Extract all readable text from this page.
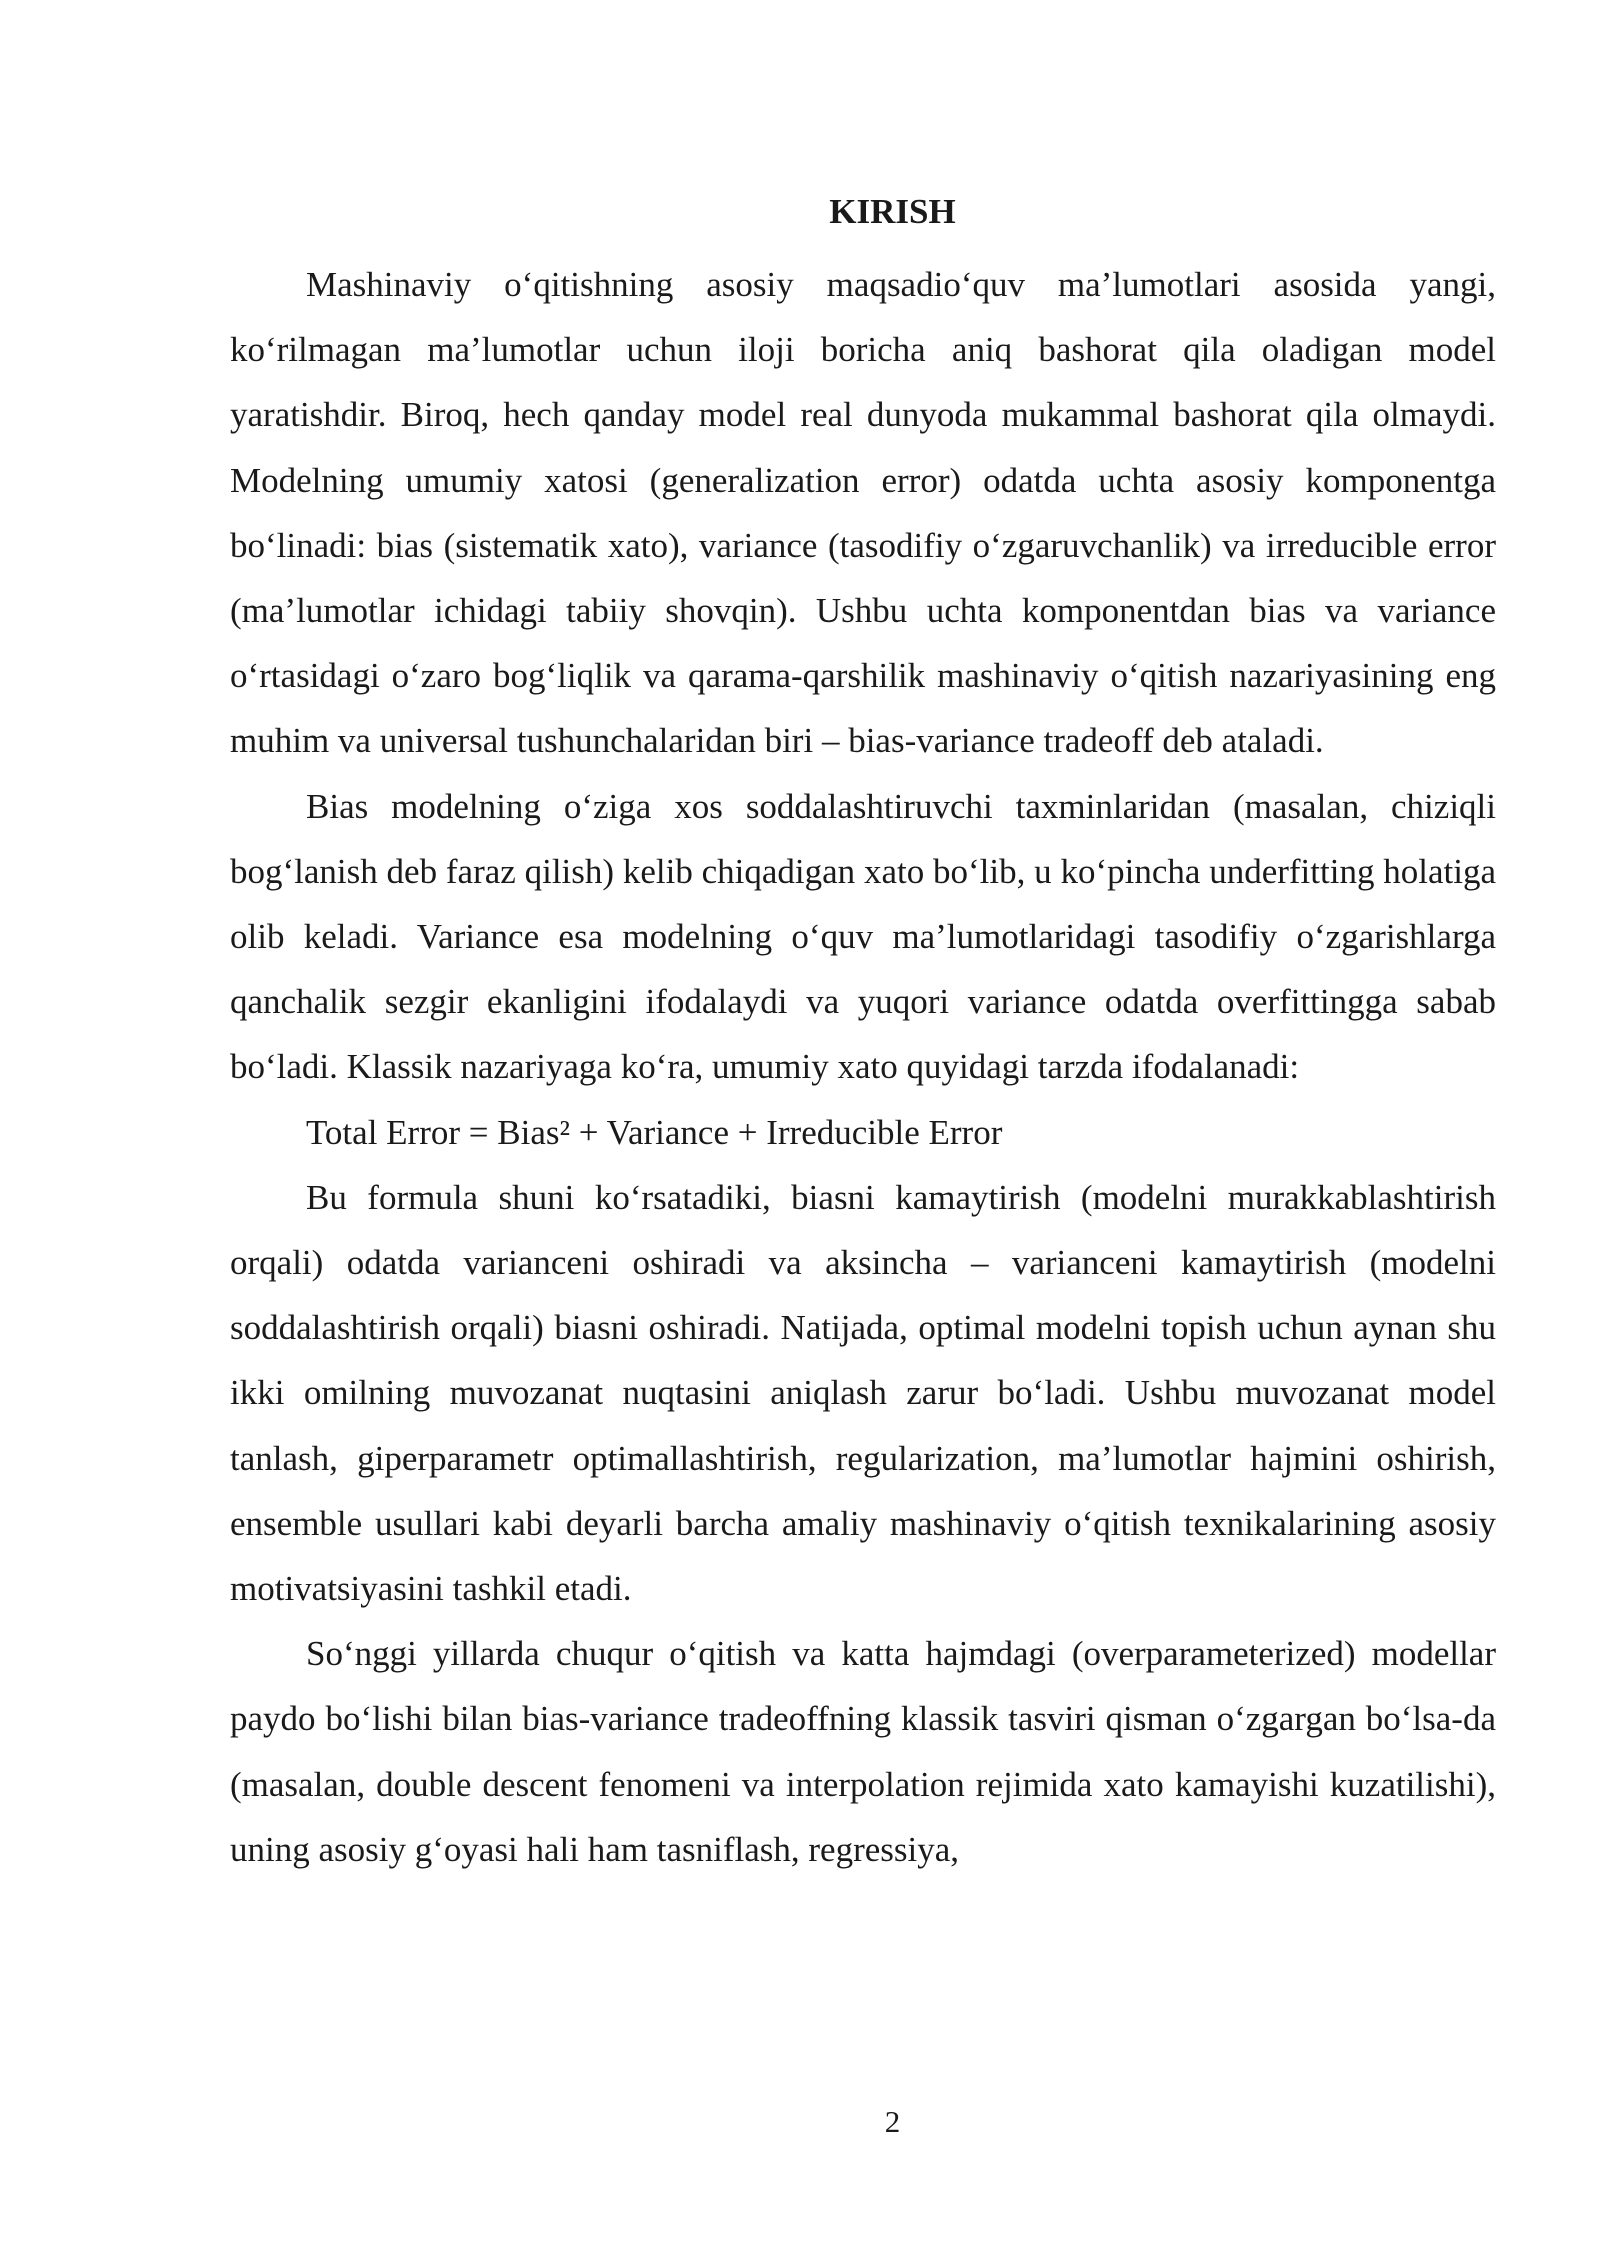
KIRISH

Mashinaviy o‘qitishning asosiy maqsadio‘quv ma’lumotlari asosida yangi, ko‘rilmagan ma’lumotlar uchun iloji boricha aniq bashorat qila oladigan model yaratishdir. Biroq, hech qanday model real dunyoda mukammal bashorat qila olmaydi. Modelning umumiy xatosi (generalization error) odatda uchta asosiy komponentga bo‘linadi: bias (sistematik xato), variance (tasodifiy o‘zgaruvchanlik) va irreducible error (ma’lumotlar ichidagi tabiiy shovqin). Ushbu uchta komponentdan bias va variance o‘rtasidagi o‘zaro bog‘liqlik va qarama-qarshilik mashinaviy o‘qitish nazariyasining eng muhim va universal tushunchalaridan biri – bias-variance tradeoff deb ataladi.

Bias modelning o‘ziga xos soddalashtiruvchi taxminlaridan (masalan, chiziqli bog‘lanish deb faraz qilish) kelib chiqadigan xato bo‘lib, u ko‘pincha underfitting holatiga olib keladi. Variance esa modelning o‘quv ma’lumotlaridagi tasodifiy o‘zgarishlarga qanchalik sezgir ekanligini ifodalaydi va yuqori variance odatda overfittingga sabab bo‘ladi. Klassik nazariyaga ko‘ra, umumiy xato quyidagi tarzda ifodalanadi:

Total Error = Bias² + Variance + Irreducible Error

Bu formula shuni ko‘rsatadiki, biasni kamaytirish (modelni murakkablashtirish orqali) odatda varianceni oshiradi va aksincha – varianceni kamaytirish (modelni soddalashtirish orqali) biasni oshiradi. Natijada, optimal modelni topish uchun aynan shu ikki omilning muvozanat nuqtasini aniqlash zarur bo‘ladi. Ushbu muvozanat model tanlash, giperparametr optimallashtirish, regularization, ma’lumotlar hajmini oshirish, ensemble usullari kabi deyarli barcha amaliy mashinaviy o‘qitish texnikalarining asosiy motivatsiyasini tashkil etadi.

So‘nggi yillarda chuqur o‘qitish va katta hajmdagi (overparameterized) modellar paydo bo‘lishi bilan bias-variance tradeoffning klassik tasviri qisman o‘zgargan bo‘lsa-da (masalan, double descent fenomeni va interpolation rejimida xato kamayishi kuzatilishi), uning asosiy g‘oyasi hali ham tasniflash, regressiya,

2
